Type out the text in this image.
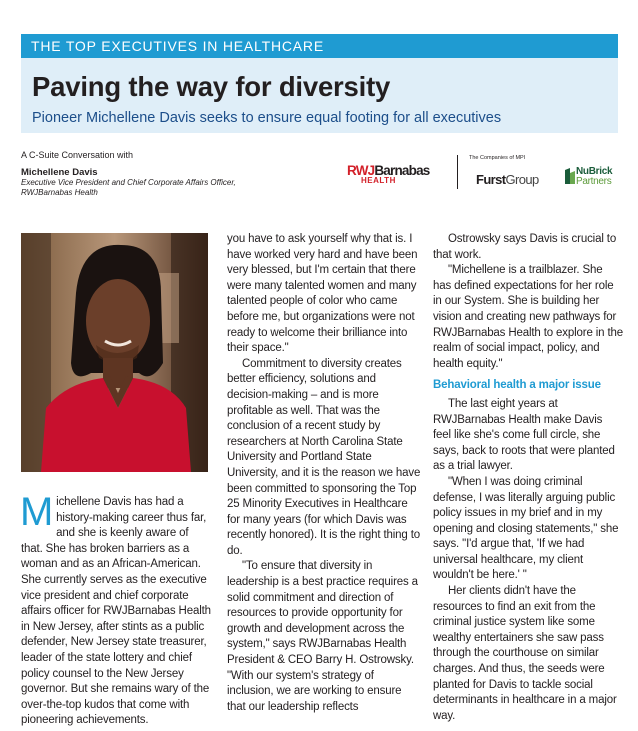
THE TOP EXECUTIVES IN HEALTHCARE
Paving the way for diversity
Pioneer Michellene Davis seeks to ensure equal footing for all executives
A C-Suite Conversation with
Michellene Davis
Executive Vice President and Chief Corporate Affairs Officer,
RWJBarnabas Health
RWJBarnabas
HEALTH
The Companies of MPI
FurstGroup
NuBrick
Partners

Michellene Davis has had a history-making career thus far, and she is keenly aware of that. She has broken barriers as a woman and as an African-American. She currently serves as the executive vice president and chief corporate affairs officer for RWJBarnabas Health in New Jersey, after stints as a public defender, New Jersey state treasurer, leader of the state lottery and chief policy counsel to the New Jersey governor. But she remains wary of the over-the-top kudos that come with pioneering achievements.

you have to ask yourself why that is. I have worked very hard and have been very blessed, but I'm certain that there were many talented women and many talented people of color who came before me, but organizations were not ready to welcome their brilliance into their space."

Commitment to diversity creates better efficiency, solutions and decision-making – and is more profitable as well. That was the conclusion of a recent study by researchers at North Carolina State University and Portland State University, and it is the reason we have been committed to sponsoring the Top 25 Minority Executives in Healthcare for many years (for which Davis was recently honored). It is the right thing to do.

"To ensure that diversity in leadership is a best practice requires a solid commitment and direction of resources to provide opportunity for growth and development across the system," says RWJBarnabas Health President & CEO Barry H. Ostrowsky. "With our system's strategy of inclusion, we are working to ensure that our leadership reflects

Ostrowsky says Davis is crucial to that work.

"Michellene is a trailblazer. She has defined expectations for her role in our System. She is building her vision and creating new pathways for RWJBarnabas Health to explore in the realm of social impact, policy, and health equity."

Behavioral health a major issue

The last eight years at RWJBarnabas Health make Davis feel like she's come full circle, she says, back to roots that were planted as a trial lawyer.

"When I was doing criminal defense, I was literally arguing public policy issues in my brief and in my opening and closing statements," she says. "I'd argue that, 'If we had universal healthcare, my client wouldn't be here.' "

Her clients didn't have the resources to find an exit from the criminal justice system like some wealthy entertainers she saw pass through the courthouse on similar charges. And thus, the seeds were planted for Davis to tackle social determinants in healthcare in a major way.
